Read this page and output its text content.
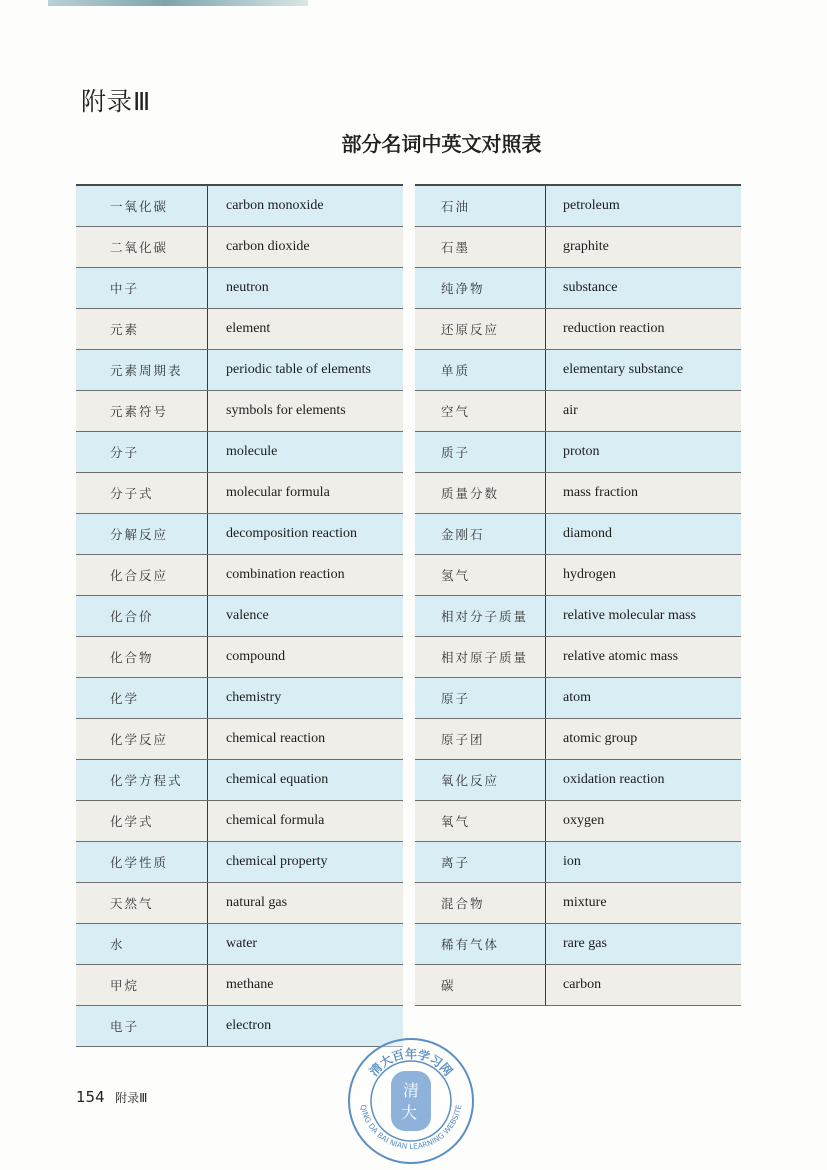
附录Ⅲ
部分名词中英文对照表
一氧化碳	carbon monoxide
二氧化碳	carbon dioxide
中子	neutron
元素	element
元素周期表	periodic table of elements
元素符号	symbols for elements
分子	molecule
分子式	molecular formula
分解反应	decomposition reaction
化合反应	combination reaction
化合价	valence
化合物	compound
化学	chemistry
化学反应	chemical reaction
化学方程式	chemical equation
化学式	chemical formula
化学性质	chemical property
天然气	natural gas
水	water
甲烷	methane
电子	electron
石油	petroleum
石墨	graphite
纯净物	substance
还原反应	reduction reaction
单质	elementary substance
空气	air
质子	proton
质量分数	mass fraction
金刚石	diamond
氢气	hydrogen
相对分子质量	relative molecular mass
相对原子质量	relative atomic mass
原子	atom
原子团	atomic group
氧化反应	oxidation reaction
氧气	oxygen
离子	ion
混合物	mixture
稀有气体	rare gas
碳	carbon
154 附录Ⅲ
清大百年学习网
QING DA BAI NIAN LEARNING WEBSITE
清
大
